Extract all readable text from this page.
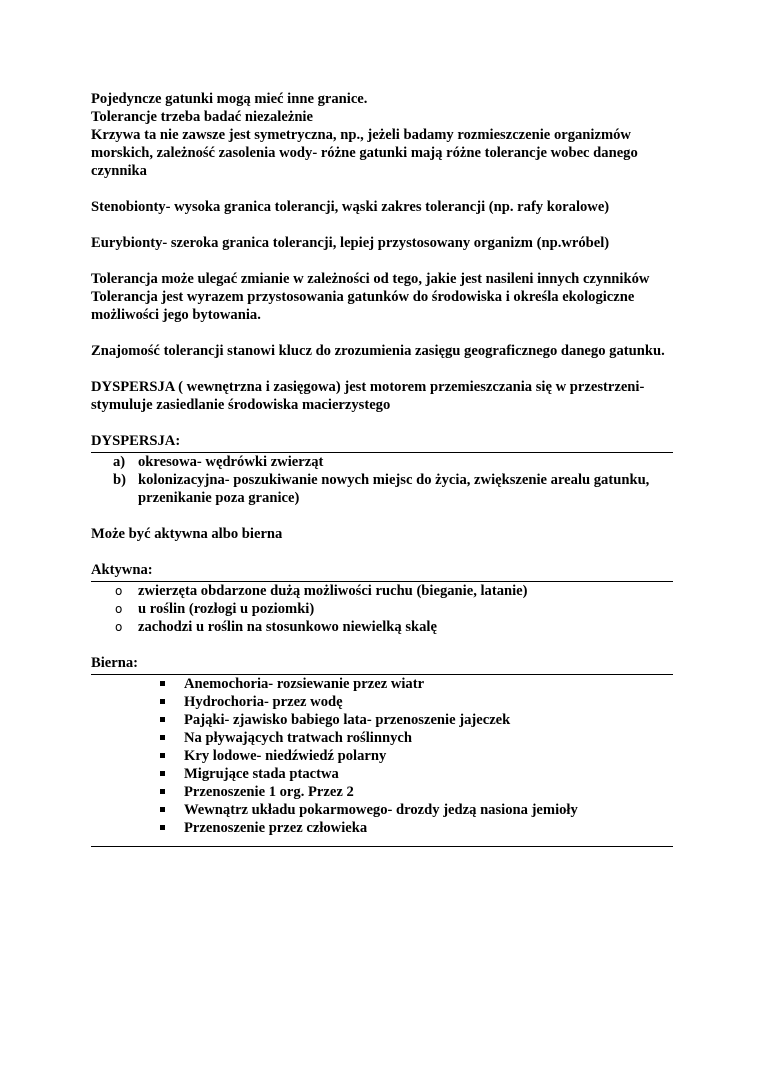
Pojedyncze gatunki mogą mieć inne granice.

Tolerancje trzeba badać niezależnie

Krzywa ta nie zawsze jest symetryczna, np., jeżeli badamy rozmieszczenie organizmów morskich, zależność zasolenia wody- różne gatunki mają różne tolerancje wobec danego czynnika

Stenobionty- wysoka granica tolerancji, wąski zakres tolerancji (np. rafy koralowe)

Eurybionty- szeroka granica tolerancji, lepiej przystosowany organizm (np.wróbel)

Tolerancja może ulegać zmianie w zależności od tego, jakie jest nasileni innych czynników

Tolerancja jest wyrazem przystosowania gatunków do środowiska i określa ekologiczne możliwości jego bytowania.

Znajomość tolerancji stanowi klucz do zrozumienia zasięgu geograficznego danego gatunku.

DYSPERSJA ( wewnętrzna i zasięgowa) jest motorem przemieszczania się w przestrzeni- stymuluje zasiedlanie środowiska macierzystego

DYSPERSJA:

a) okresowa- wędrówki zwierząt
b) kolonizacyjna- poszukiwanie nowych miejsc do życia, zwiększenie arealu gatunku, przenikanie poza granice)

Może być aktywna albo bierna

Aktywna:

o zwierzęta obdarzone dużą możliwości ruchu (bieganie, latanie)
o u roślin (rozłogi u poziomki)
o zachodzi u roślin na stosunkowo niewielką skalę

Bierna:

Anemochoria- rozsiewanie przez wiatr
Hydrochoria- przez wodę
Pająki- zjawisko babiego lata- przenoszenie jajeczek
Na pływających tratwach roślinnych
Kry lodowe- niedźwiedź polarny
Migrujące stada ptactwa
Przenoszenie 1 org. Przez 2
Wewnątrz układu pokarmowego- drozdy jedzą nasiona jemioły
Przenoszenie przez człowieka
